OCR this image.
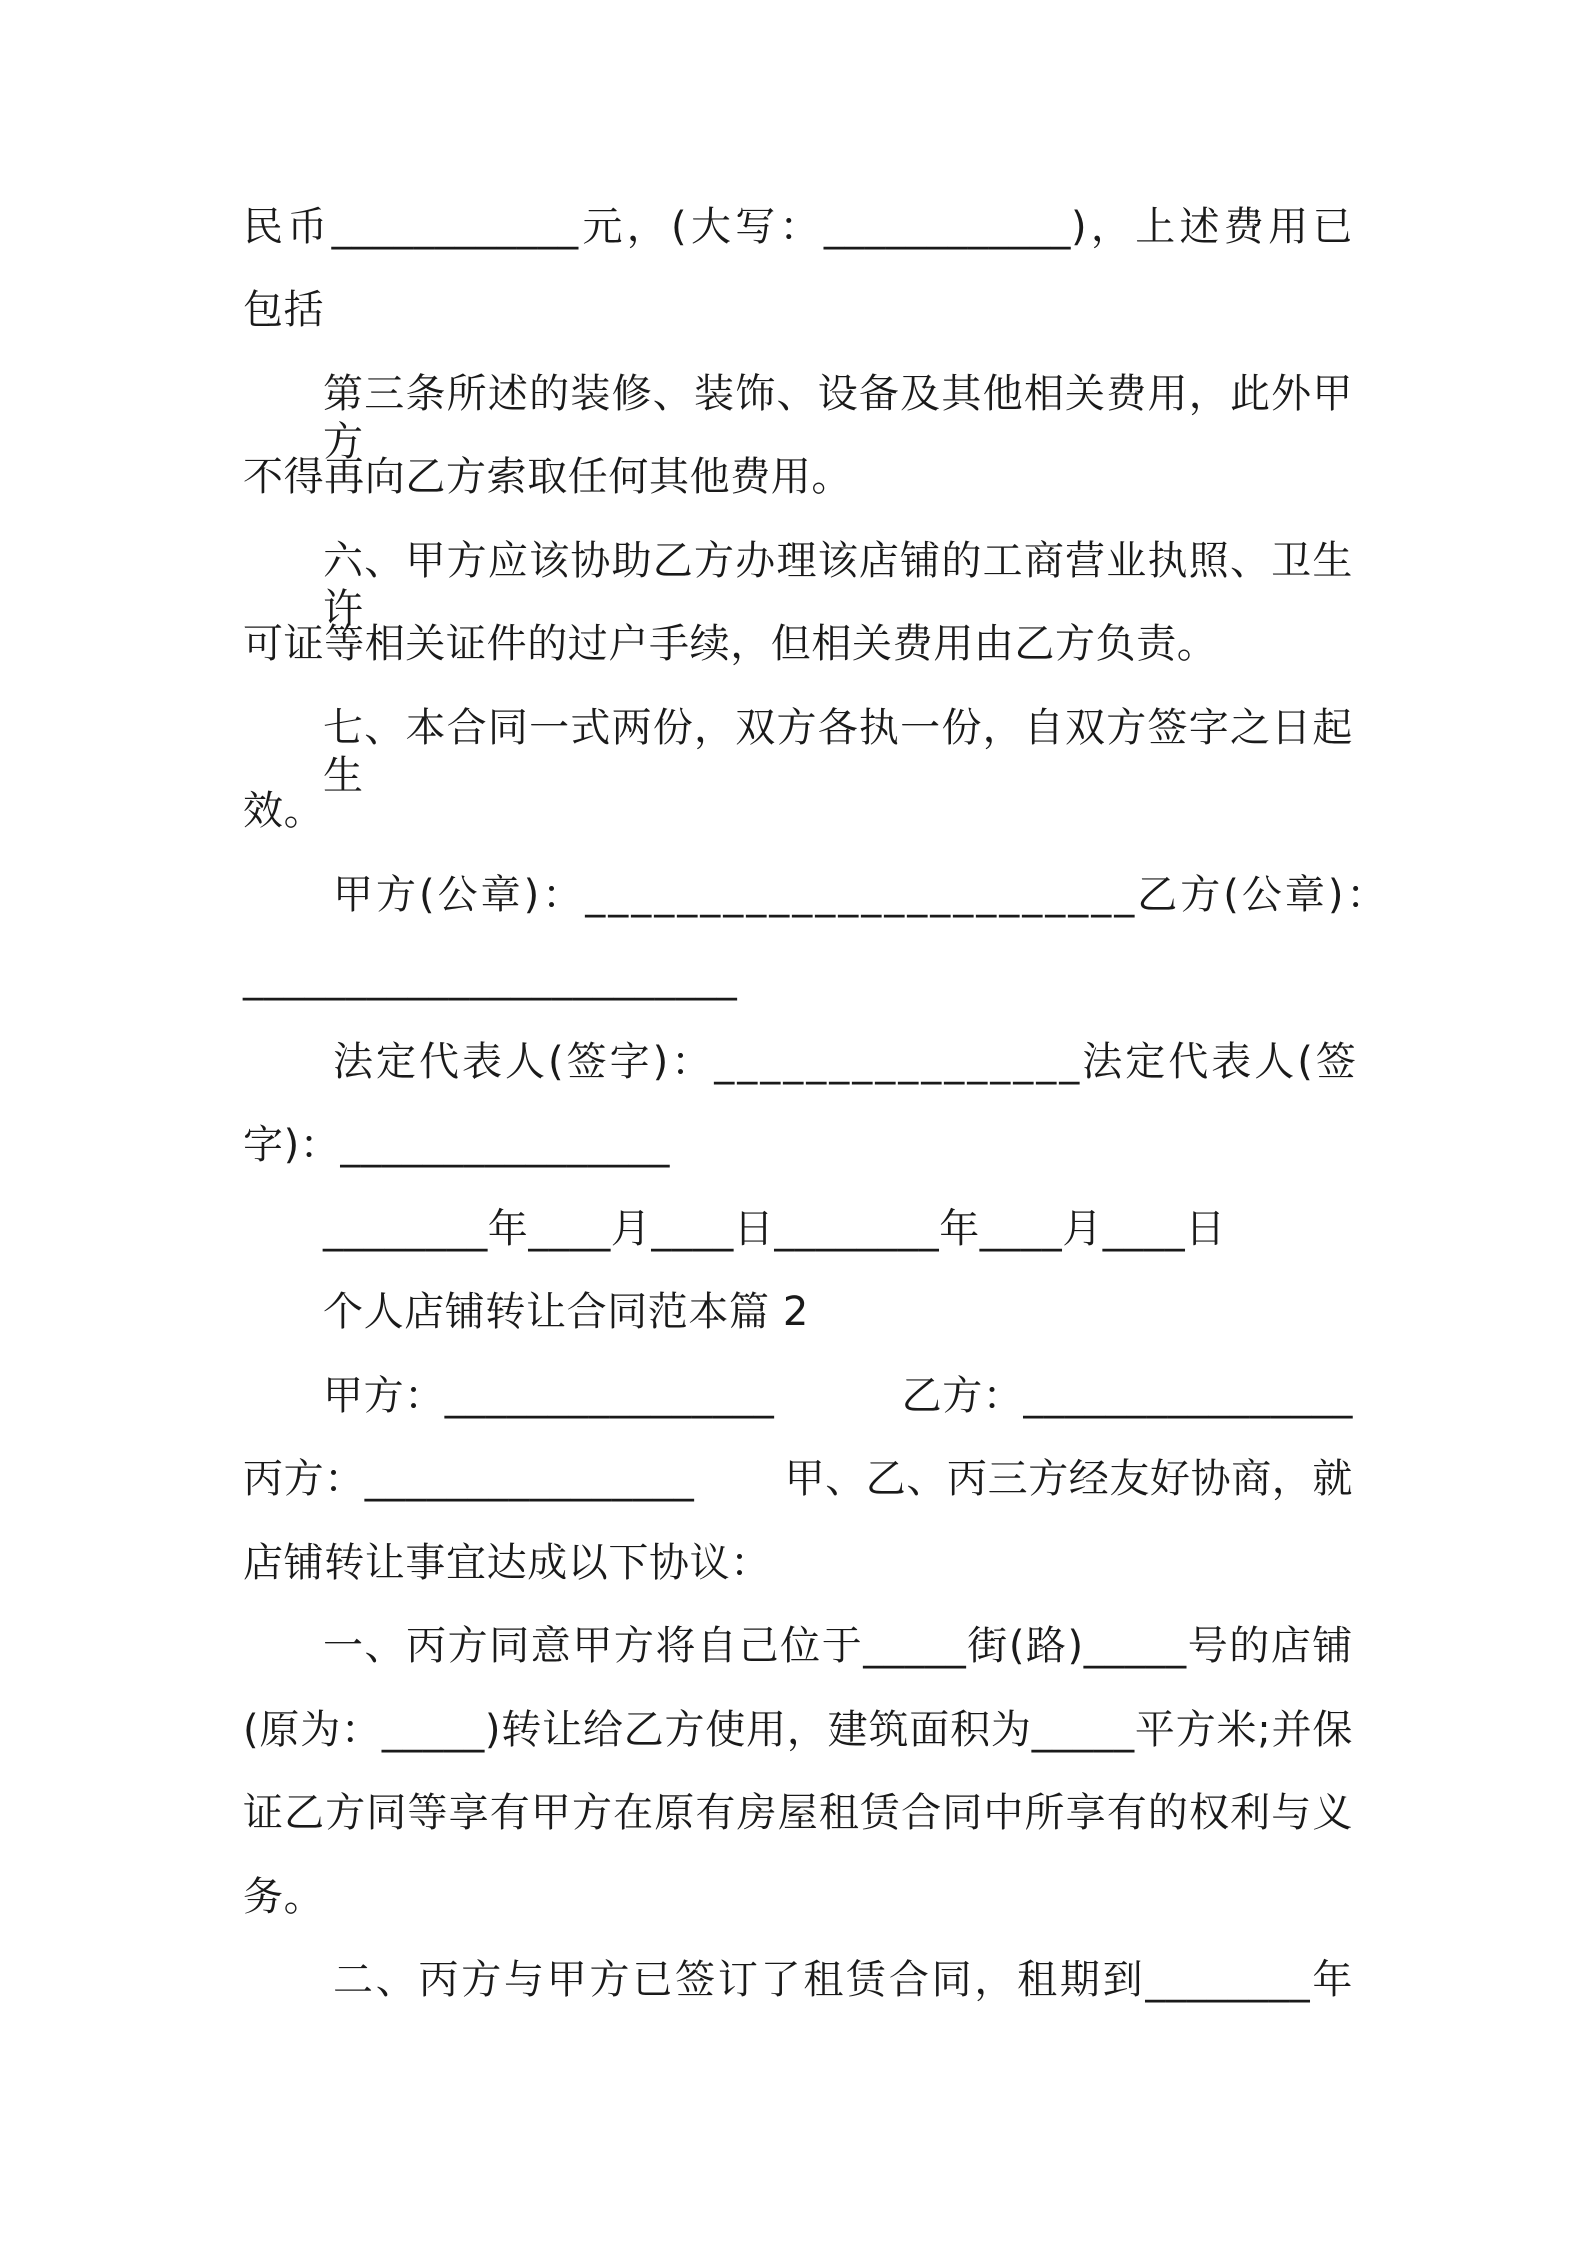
民币____________元，(大写：____________)，上述费用已
包括
第三条所述的装修、装饰、设备及其他相关费用，此外甲方
不得再向乙方索取任何其他费用。
六、甲方应该协助乙方办理该店铺的工商营业执照、卫生许
可证等相关证件的过户手续，但相关费用由乙方负责。
七、本合同一式两份，双方各执一份，自双方签字之日起生
效。
甲方(公章)：________________________ 乙方(公章)：
________________________
法定代表人(签字)：________________ 法定代表人(签
字)：________________
________年____月____日________年____月____日
个人店铺转让合同范本篇 2
甲方：________________	乙方：________________
丙方：________________ 甲、乙、丙三方经友好协商，就
店铺转让事宜达成以下协议：
一、丙方同意甲方将自己位于_____街(路)_____号的店铺
(原为：_____)转让给乙方使用，建筑面积为_____平方米;并保
证乙方同等享有甲方在原有房屋租赁合同中所享有的权利与义
务。
二、丙方与甲方已签订了租赁合同，租期到________年
